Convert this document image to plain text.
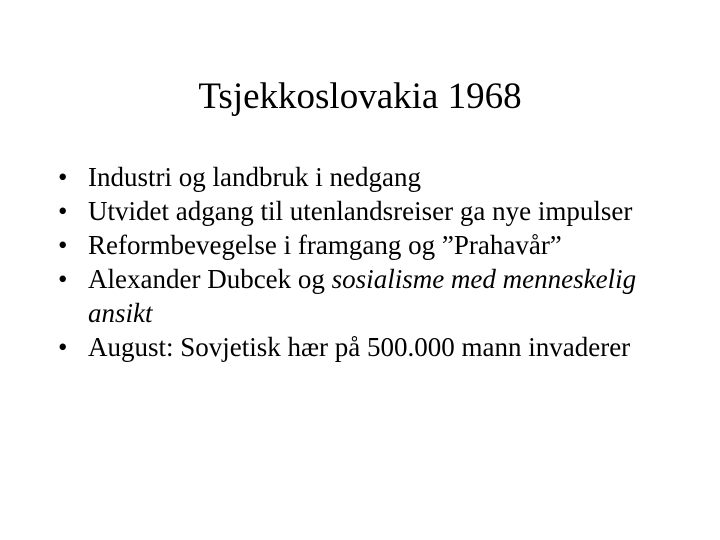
Tsjekkoslovakia 1968
• Industri og landbruk i nedgang
• Utvidet adgang til utenlandsreiser ga nye impulser
• Reformbevegelse i framgang og ”Prahavår”
• Alexander Dubcek og sosialisme med menneskelig ansikt
• August: Sovjetisk hær på 500.000 mann invaderer
